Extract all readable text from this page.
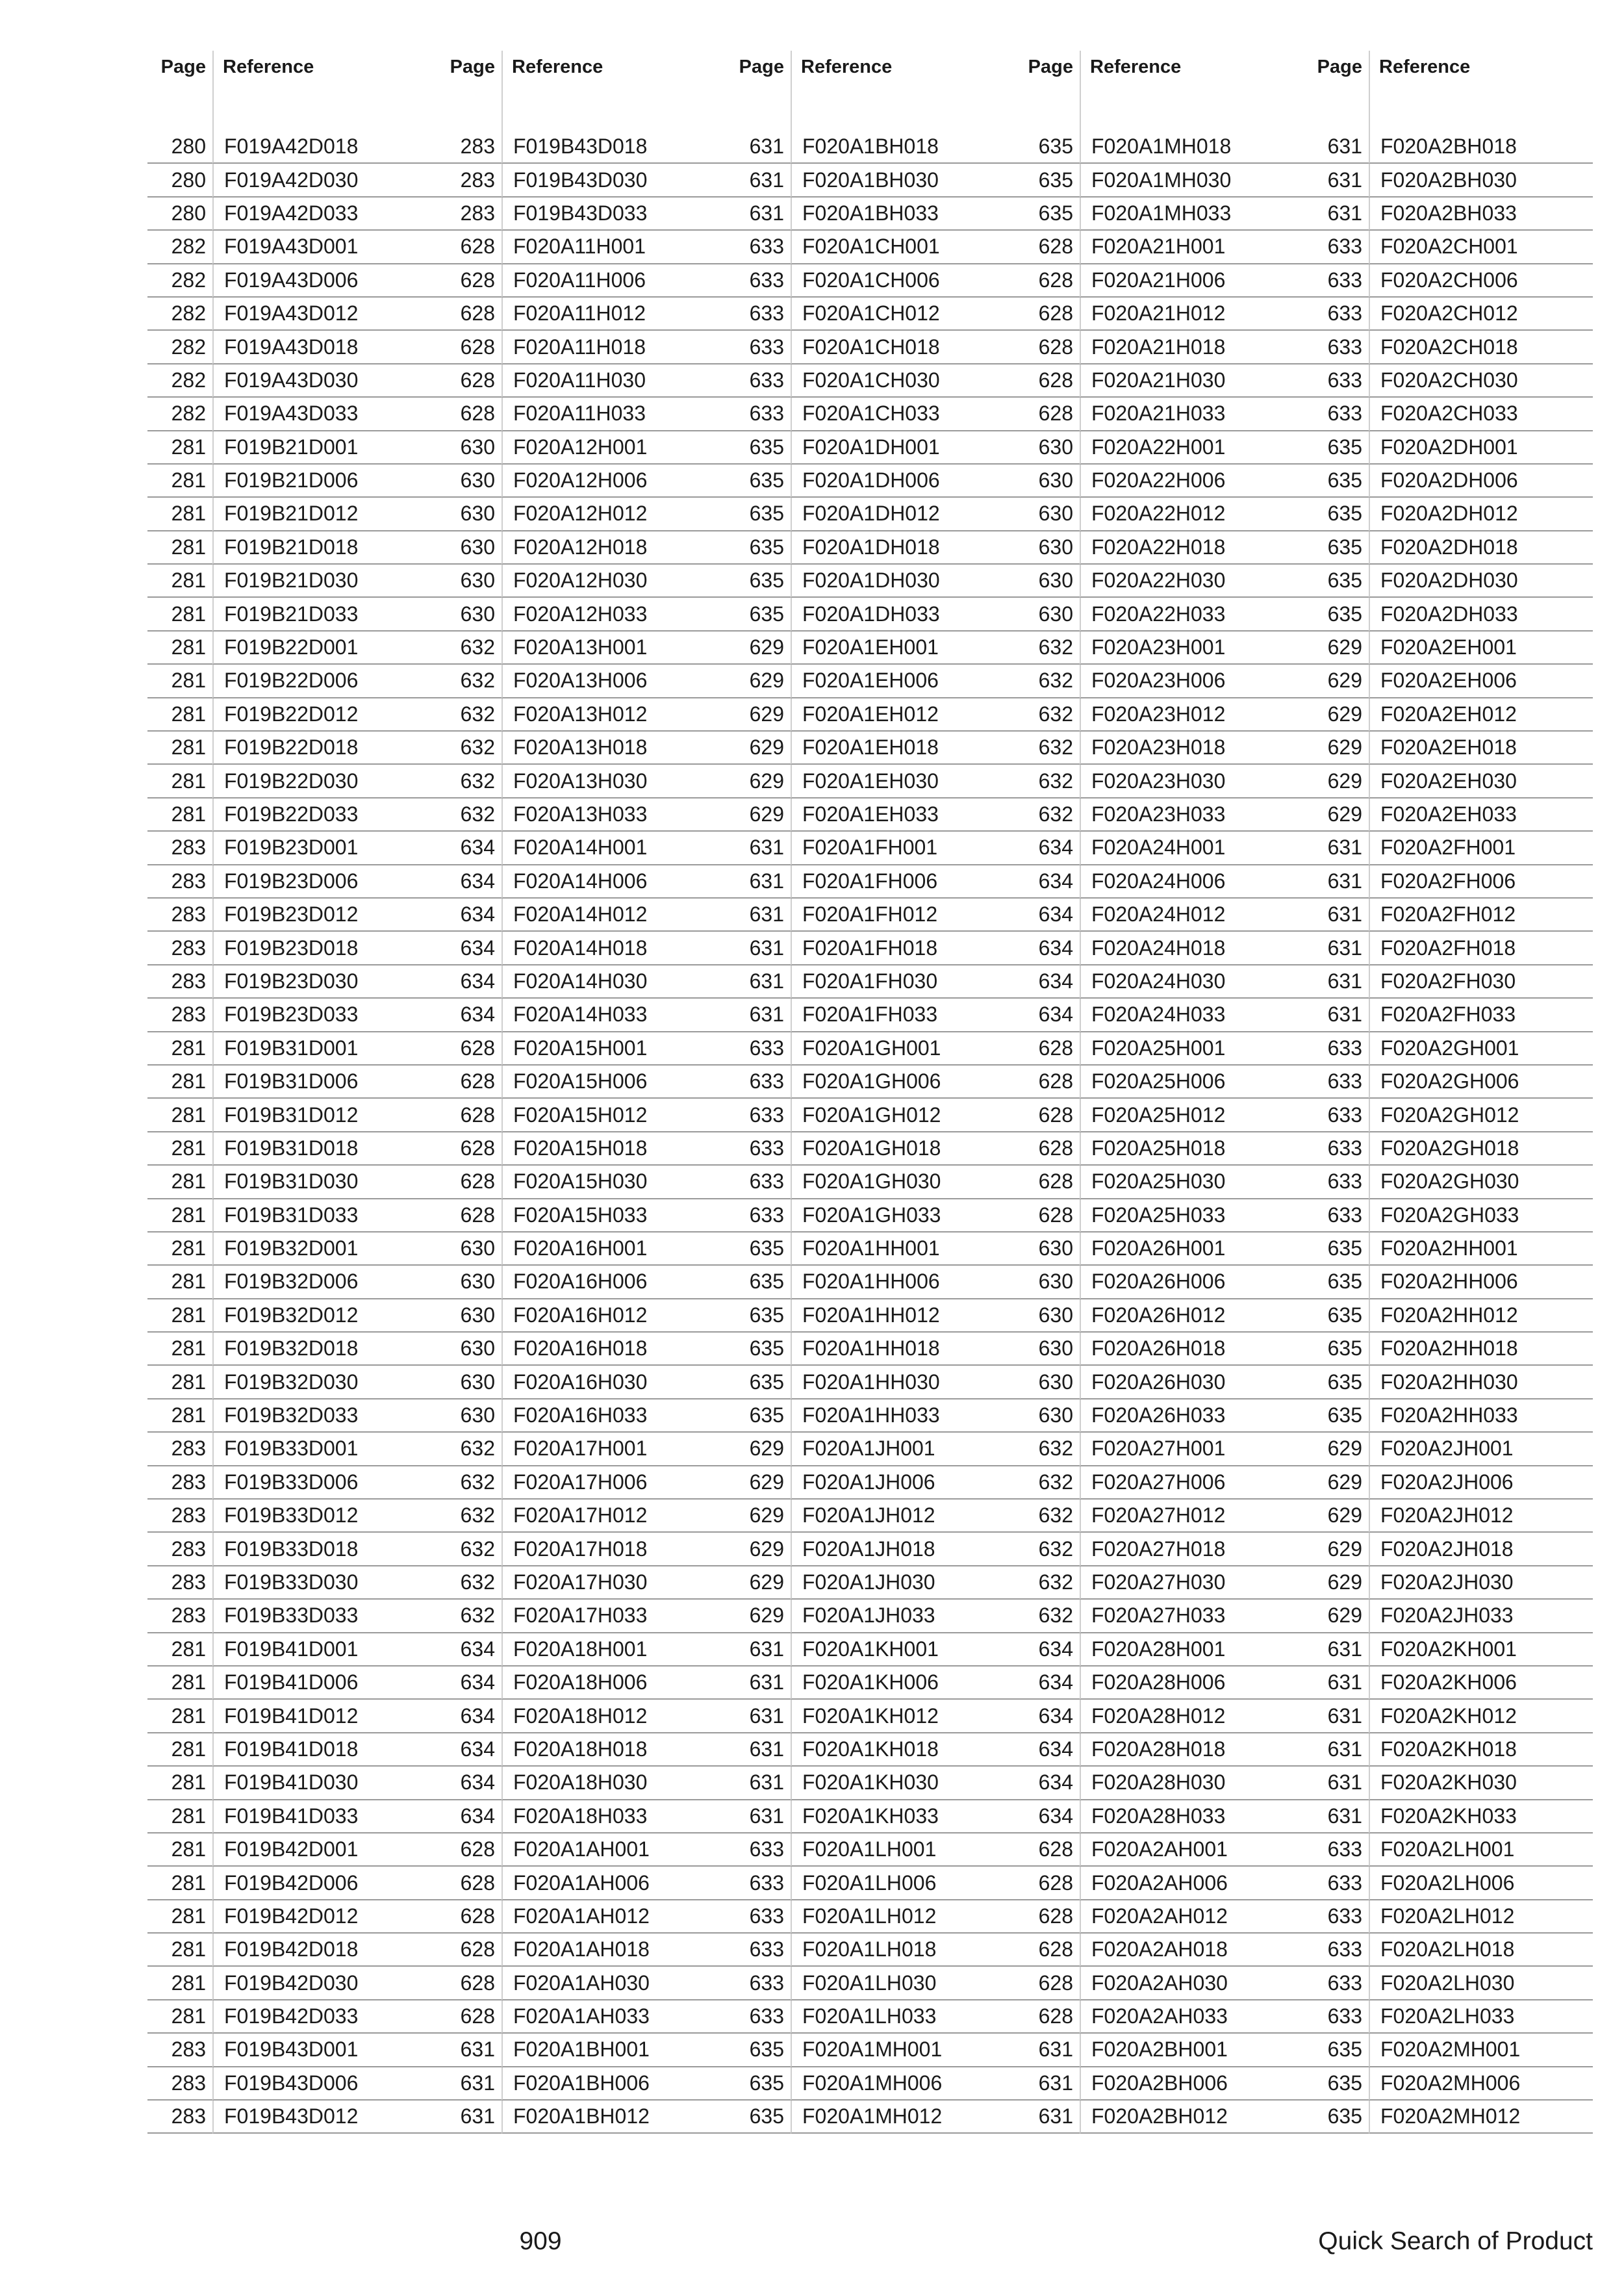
Page Reference	Page Reference	Page Reference	Page Reference	Page Reference
280 F019A42D018	283 F019B43D018	631 F020A1BH018	635 F020A1MH018	631 F020A2BH018
280 F019A42D030	283 F019B43D030	631 F020A1BH030	635 F020A1MH030	631 F020A2BH030
280 F019A42D033	283 F019B43D033	631 F020A1BH033	635 F020A1MH033	631 F020A2BH033
282 F019A43D001	628 F020A11H001	633 F020A1CH001	628 F020A21H001	633 F020A2CH001
282 F019A43D006	628 F020A11H006	633 F020A1CH006	628 F020A21H006	633 F020A2CH006
282 F019A43D012	628 F020A11H012	633 F020A1CH012	628 F020A21H012	633 F020A2CH012
282 F019A43D018	628 F020A11H018	633 F020A1CH018	628 F020A21H018	633 F020A2CH018
282 F019A43D030	628 F020A11H030	633 F020A1CH030	628 F020A21H030	633 F020A2CH030
282 F019A43D033	628 F020A11H033	633 F020A1CH033	628 F020A21H033	633 F020A2CH033
281 F019B21D001	630 F020A12H001	635 F020A1DH001	630 F020A22H001	635 F020A2DH001
281 F019B21D006	630 F020A12H006	635 F020A1DH006	630 F020A22H006	635 F020A2DH006
281 F019B21D012	630 F020A12H012	635 F020A1DH012	630 F020A22H012	635 F020A2DH012
281 F019B21D018	630 F020A12H018	635 F020A1DH018	630 F020A22H018	635 F020A2DH018
281 F019B21D030	630 F020A12H030	635 F020A1DH030	630 F020A22H030	635 F020A2DH030
281 F019B21D033	630 F020A12H033	635 F020A1DH033	630 F020A22H033	635 F020A2DH033
281 F019B22D001	632 F020A13H001	629 F020A1EH001	632 F020A23H001	629 F020A2EH001
281 F019B22D006	632 F020A13H006	629 F020A1EH006	632 F020A23H006	629 F020A2EH006
281 F019B22D012	632 F020A13H012	629 F020A1EH012	632 F020A23H012	629 F020A2EH012
281 F019B22D018	632 F020A13H018	629 F020A1EH018	632 F020A23H018	629 F020A2EH018
281 F019B22D030	632 F020A13H030	629 F020A1EH030	632 F020A23H030	629 F020A2EH030
281 F019B22D033	632 F020A13H033	629 F020A1EH033	632 F020A23H033	629 F020A2EH033
283 F019B23D001	634 F020A14H001	631 F020A1FH001	634 F020A24H001	631 F020A2FH001
283 F019B23D006	634 F020A14H006	631 F020A1FH006	634 F020A24H006	631 F020A2FH006
283 F019B23D012	634 F020A14H012	631 F020A1FH012	634 F020A24H012	631 F020A2FH012
283 F019B23D018	634 F020A14H018	631 F020A1FH018	634 F020A24H018	631 F020A2FH018
283 F019B23D030	634 F020A14H030	631 F020A1FH030	634 F020A24H030	631 F020A2FH030
283 F019B23D033	634 F020A14H033	631 F020A1FH033	634 F020A24H033	631 F020A2FH033
281 F019B31D001	628 F020A15H001	633 F020A1GH001	628 F020A25H001	633 F020A2GH001
281 F019B31D006	628 F020A15H006	633 F020A1GH006	628 F020A25H006	633 F020A2GH006
281 F019B31D012	628 F020A15H012	633 F020A1GH012	628 F020A25H012	633 F020A2GH012
281 F019B31D018	628 F020A15H018	633 F020A1GH018	628 F020A25H018	633 F020A2GH018
281 F019B31D030	628 F020A15H030	633 F020A1GH030	628 F020A25H030	633 F020A2GH030
281 F019B31D033	628 F020A15H033	633 F020A1GH033	628 F020A25H033	633 F020A2GH033
281 F019B32D001	630 F020A16H001	635 F020A1HH001	630 F020A26H001	635 F020A2HH001
281 F019B32D006	630 F020A16H006	635 F020A1HH006	630 F020A26H006	635 F020A2HH006
281 F019B32D012	630 F020A16H012	635 F020A1HH012	630 F020A26H012	635 F020A2HH012
281 F019B32D018	630 F020A16H018	635 F020A1HH018	630 F020A26H018	635 F020A2HH018
281 F019B32D030	630 F020A16H030	635 F020A1HH030	630 F020A26H030	635 F020A2HH030
281 F019B32D033	630 F020A16H033	635 F020A1HH033	630 F020A26H033	635 F020A2HH033
283 F019B33D001	632 F020A17H001	629 F020A1JH001	632 F020A27H001	629 F020A2JH001
283 F019B33D006	632 F020A17H006	629 F020A1JH006	632 F020A27H006	629 F020A2JH006
283 F019B33D012	632 F020A17H012	629 F020A1JH012	632 F020A27H012	629 F020A2JH012
283 F019B33D018	632 F020A17H018	629 F020A1JH018	632 F020A27H018	629 F020A2JH018
283 F019B33D030	632 F020A17H030	629 F020A1JH030	632 F020A27H030	629 F020A2JH030
283 F019B33D033	632 F020A17H033	629 F020A1JH033	632 F020A27H033	629 F020A2JH033
281 F019B41D001	634 F020A18H001	631 F020A1KH001	634 F020A28H001	631 F020A2KH001
281 F019B41D006	634 F020A18H006	631 F020A1KH006	634 F020A28H006	631 F020A2KH006
281 F019B41D012	634 F020A18H012	631 F020A1KH012	634 F020A28H012	631 F020A2KH012
281 F019B41D018	634 F020A18H018	631 F020A1KH018	634 F020A28H018	631 F020A2KH018
281 F019B41D030	634 F020A18H030	631 F020A1KH030	634 F020A28H030	631 F020A2KH030
281 F019B41D033	634 F020A18H033	631 F020A1KH033	634 F020A28H033	631 F020A2KH033
281 F019B42D001	628 F020A1AH001	633 F020A1LH001	628 F020A2AH001	633 F020A2LH001
281 F019B42D006	628 F020A1AH006	633 F020A1LH006	628 F020A2AH006	633 F020A2LH006
281 F019B42D012	628 F020A1AH012	633 F020A1LH012	628 F020A2AH012	633 F020A2LH012
281 F019B42D018	628 F020A1AH018	633 F020A1LH018	628 F020A2AH018	633 F020A2LH018
281 F019B42D030	628 F020A1AH030	633 F020A1LH030	628 F020A2AH030	633 F020A2LH030
281 F019B42D033	628 F020A1AH033	633 F020A1LH033	628 F020A2AH033	633 F020A2LH033
283 F019B43D001	631 F020A1BH001	635 F020A1MH001	631 F020A2BH001	635 F020A2MH001
283 F019B43D006	631 F020A1BH006	635 F020A1MH006	631 F020A2BH006	635 F020A2MH006
283 F019B43D012	631 F020A1BH012	635 F020A1MH012	631 F020A2BH012	635 F020A2MH012
909	Quick Search of Product
